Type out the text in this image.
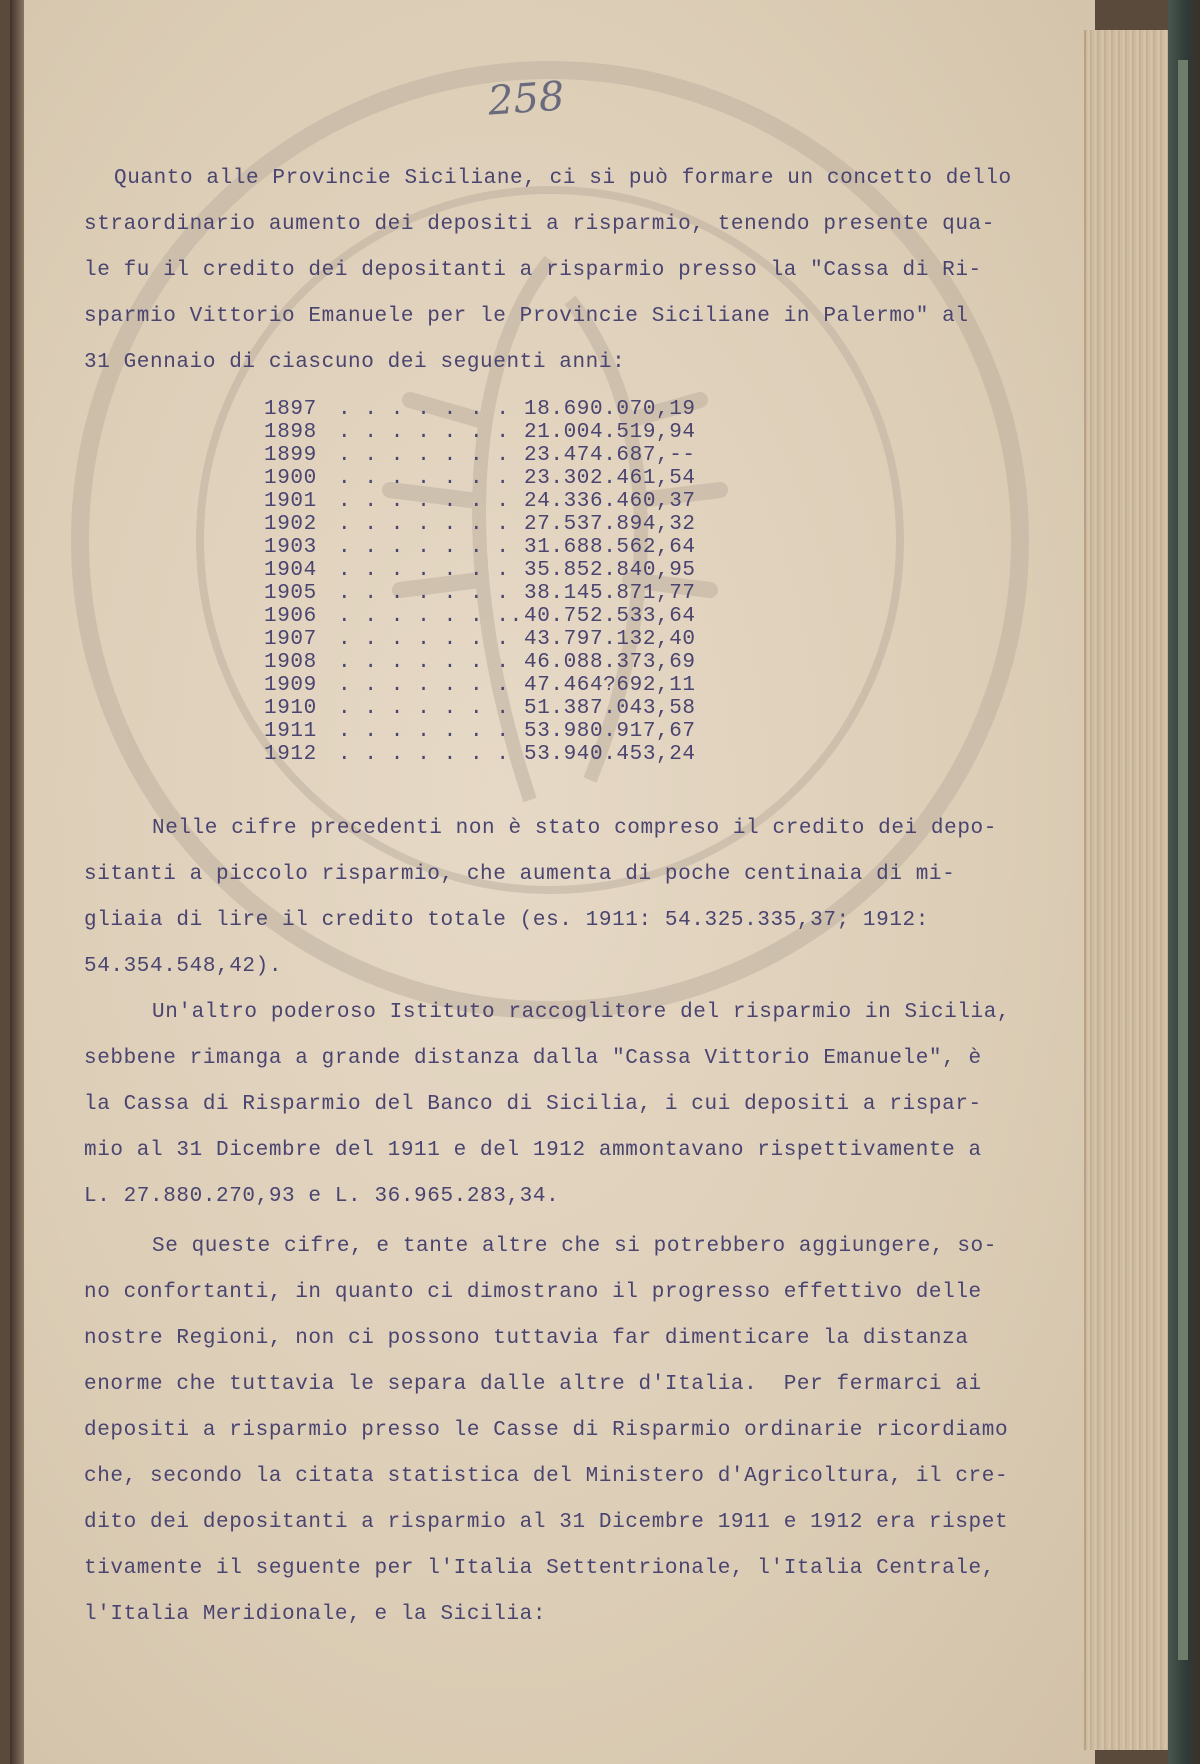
258
Quanto alle Provincie Siciliane, ci si può formare un concetto dello
straordinario aumento dei depositi a risparmio, tenendo presente qua-
le fu il credito dei depositanti a risparmio presso la "Cassa di Ri-
sparmio Vittorio Emanuele per le Provincie Siciliane in Palermo" al
31 Gennaio di ciascuno dei seguenti anni:
1897 . . . . . . . 18.690.070,19
1898 . . . . . . . 21.004.519,94
1899 . . . . . . . 23.474.687,--
1900 . . . . . . . 23.302.461,54
1901 . . . . . . . 24.336.460,37
1902 . . . . . . . 27.537.894,32
1903 . . . . . . . 31.688.562,64
1904 . . . . . . . 35.852.840,95
1905 . . . . . . . 38.145.871,77
1906 . . . . . . ..40.752.533,64
1907 . . . . . . . 43.797.132,40
1908 . . . . . . . 46.088.373,69
1909 . . . . . . . 47.464?692,11
1910 . . . . . . . 51.387.043,58
1911 . . . . . . . 53.980.917,67
1912 . . . . . . . 53.940.453,24
Nelle cifre precedenti non è stato compreso il credito dei depo-
sitanti a piccolo risparmio, che aumenta di poche centinaia di mi-
gliaia di lire il credito totale (es. 1911: 54.325.335,37; 1912:
54.354.548,42).
Un'altro poderoso Istituto raccoglitore del risparmio in Sicilia,
sebbene rimanga a grande distanza dalla "Cassa Vittorio Emanuele", è
la Cassa di Risparmio del Banco di Sicilia, i cui depositi a rispar-
mio al 31 Dicembre del 1911 e del 1912 ammontavano rispettivamente a
L. 27.880.270,93 e L. 36.965.283,34.
Se queste cifre, e tante altre che si potrebbero aggiungere, so-
no confortanti, in quanto ci dimostrano il progresso effettivo delle
nostre Regioni, non ci possono tuttavia far dimenticare la distanza
enorme che tuttavia le separa dalle altre d'Italia.  Per fermarci ai
depositi a risparmio presso le Casse di Risparmio ordinarie ricordiamo
che, secondo la citata statistica del Ministero d'Agricoltura, il cre-
dito dei depositanti a risparmio al 31 Dicembre 1911 e 1912 era rispet
tivamente il seguente per l'Italia Settentrionale, l'Italia Centrale,
l'Italia Meridionale, e la Sicilia:
